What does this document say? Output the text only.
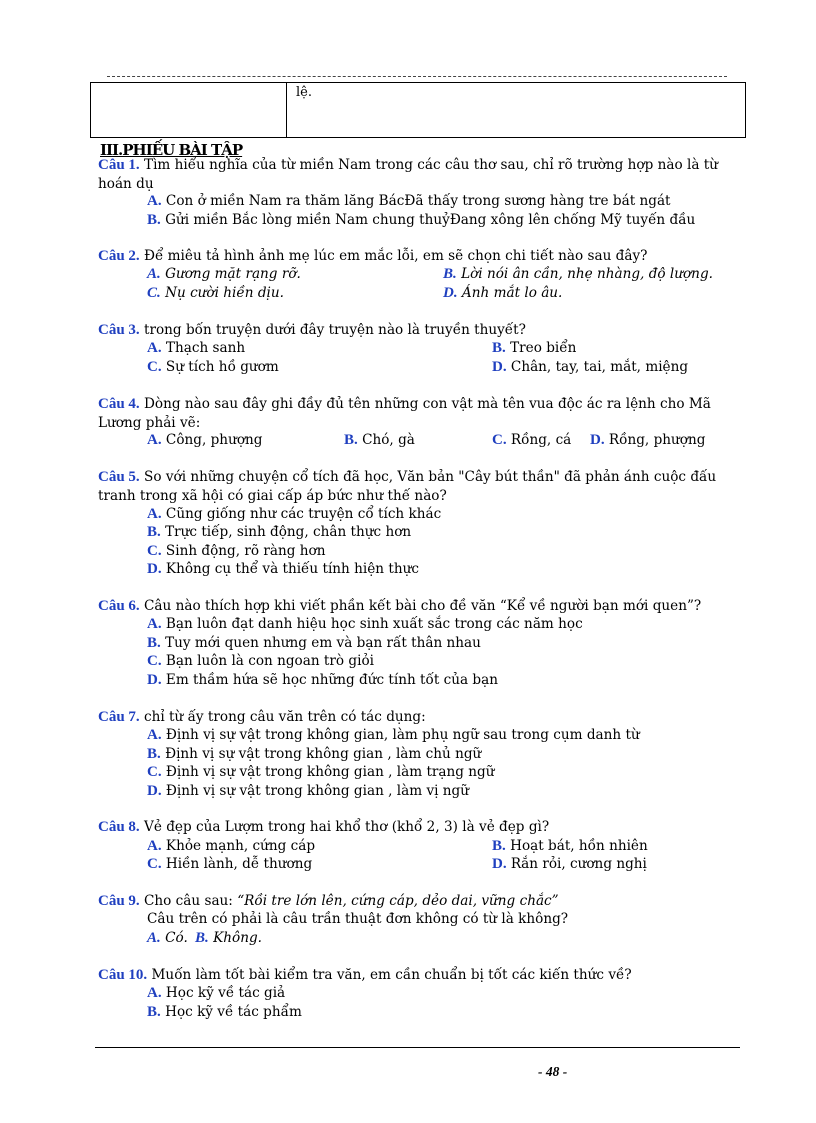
lệ.
III.PHIẾU BÀI TẬP
Câu 1. Tìm hiểu nghĩa của từ miền Nam trong các câu thơ sau, chỉ rõ trường hợp nào là từ hoán dụ
A. Con ở miền Nam ra thăm lăng BácĐã thấy trong sương hàng tre bát ngát
B. Gửi miền Bắc lòng miền Nam chung thuỷĐang xông lên chống Mỹ tuyến đầu
Câu 2. Để miêu tả hình ảnh mẹ lúc em mắc lỗi, em sẽ chọn chi tiết nào sau đây?
A. Gương mặt rạng rỡ.	B. Lời nói ân cần, nhẹ nhàng, độ lượng.
C. Nụ cười hiền dịu.	D. Ánh mắt lo âu.
Câu 3. trong bốn truyện dưới đây truyện nào là truyền thuyết?
A. Thạch sanh	B. Treo biển
C. Sự tích hồ gươm	D. Chân, tay, tai, mắt, miệng
Câu 4. Dòng nào sau đây ghi đầy đủ tên những con vật mà tên vua độc ác ra lệnh cho Mã Lương phải vẽ:
A. Công, phượng	B. Chó, gà	C. Rồng, cá D. Rồng, phượng
Câu 5. So với những chuyện cổ tích đã học, Văn bản "Cây bút thần" đã phản ánh cuộc đấu tranh trong xã hội có giai cấp áp bức như thế nào?
A. Cũng giống như các truyện cổ tích khác
B. Trực tiếp, sinh động, chân thực hơn
C. Sinh động, rõ ràng hơn
D. Không cụ thể và thiếu tính hiện thực
Câu 6. Câu nào thích hợp khi viết phần kết bài cho đề văn “Kể về người bạn mới quen”?
A. Bạn luôn đạt danh hiệu học sinh xuất sắc trong các năm học
B. Tuy mới quen nhưng em và bạn rất thân nhau
C. Bạn luôn là con ngoan trò giỏi
D. Em thầm hứa sẽ học những đức tính tốt của bạn
Câu 7. chỉ từ ấy trong câu văn trên có tác dụng:
A. Định vị sự vật trong không gian, làm phụ ngữ sau trong cụm danh từ
B. Định vị sự vật trong không gian , làm chủ ngữ
C. Định vị sự vật trong không gian , làm trạng ngữ
D. Định vị sự vật trong không gian , làm vị ngữ
Câu 8. Vẻ đẹp của Lượm trong hai khổ thơ (khổ 2, 3) là vẻ đẹp gì?
A. Khỏe mạnh, cứng cáp	B. Hoạt bát, hồn nhiên
C. Hiền lành, dễ thương	D. Rắn rỏi, cương nghị
Câu 9. Cho câu sau: “Rồi tre lớn lên, cứng cáp, dẻo dai, vững chắc”
Câu trên có phải là câu trần thuật đơn không có từ là không?
A. Có. B. Không.
Câu 10. Muốn làm tốt bài kiểm tra văn, em cần chuẩn bị tốt các kiến thức về?
A. Học kỹ về tác giả
B. Học kỹ về tác phẩm
- 48 -
